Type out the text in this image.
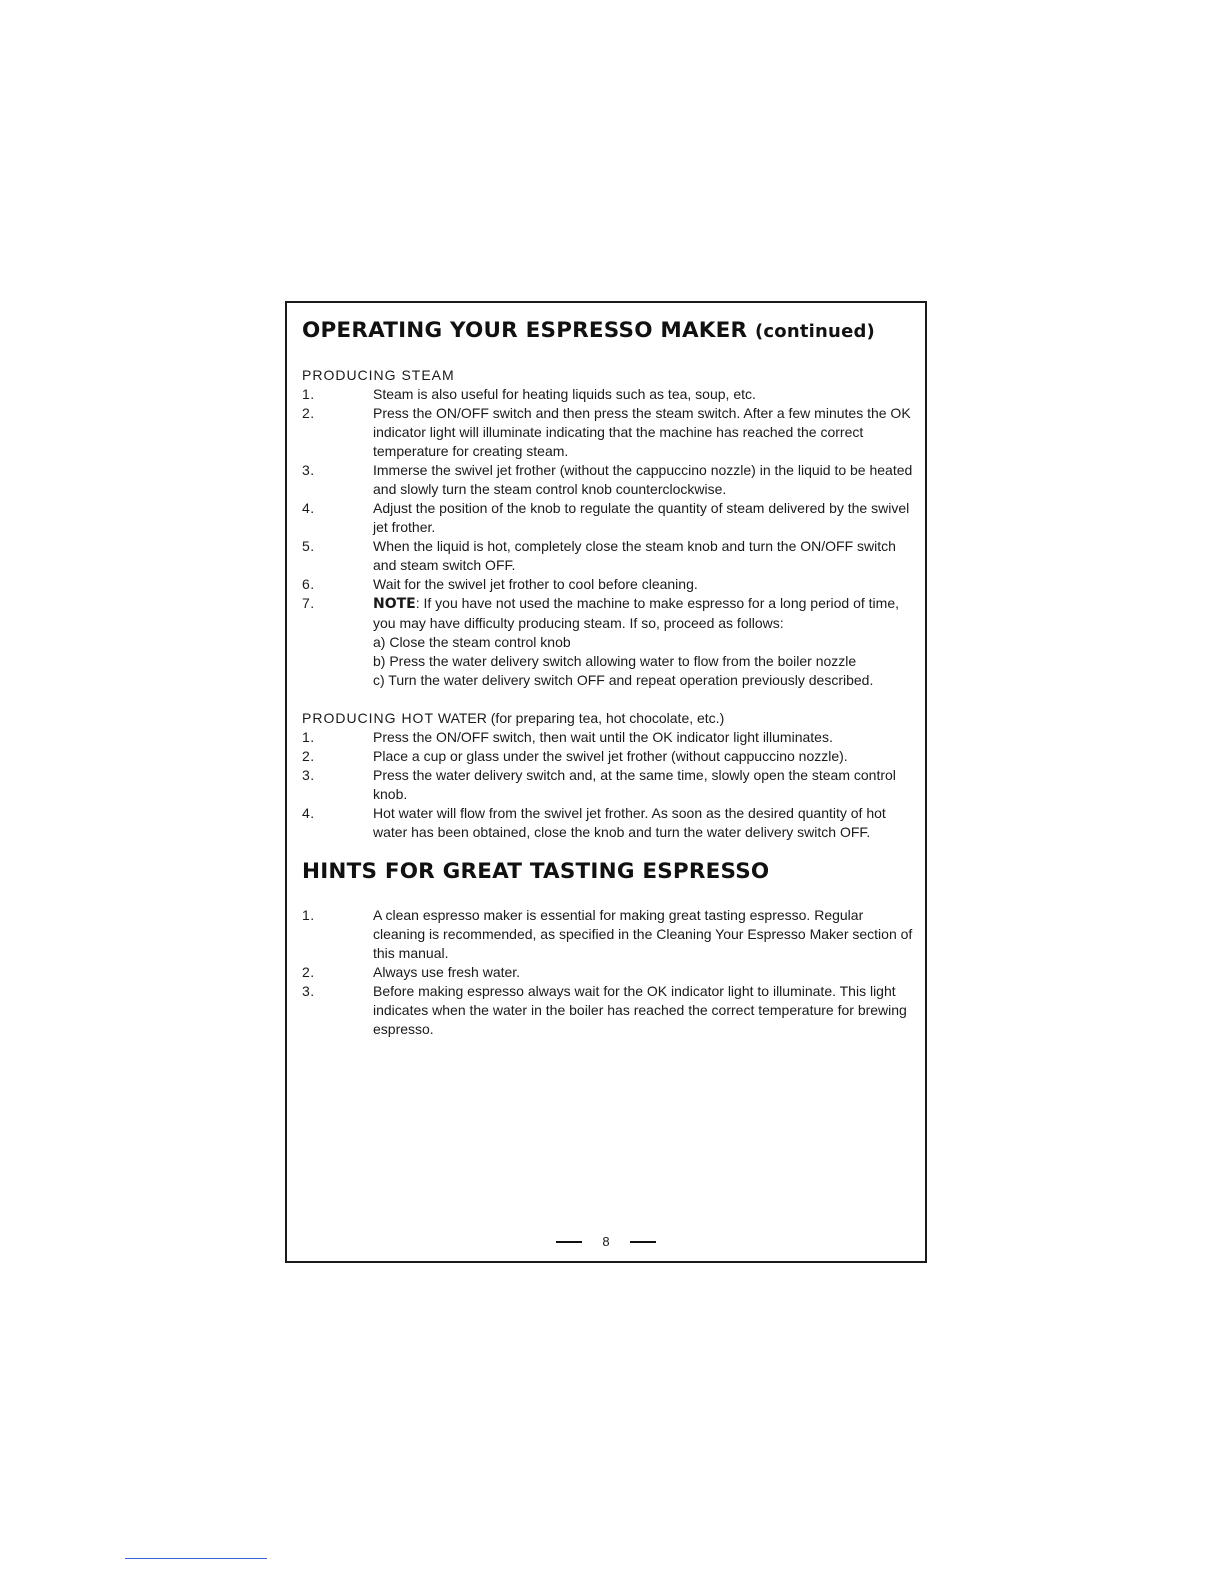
OPERATING YOUR ESPRESSO MAKER (continued)

PRODUCING STEAM

1.	Steam is also useful for heating liquids such as tea, soup, etc.
2.	Press the ON/OFF switch and then press the steam switch. After a few minutes the OK indicator light will illuminate indicating that the machine has reached the correct temperature for creating steam.
3.	Immerse the swivel jet frother (without the cappuccino nozzle) in the liquid to be heated and slowly turn the steam control knob counterclockwise.
4.	Adjust the position of the knob to regulate the quantity of steam delivered by the swivel jet frother.
5.	When the liquid is hot, completely close the steam knob and turn the ON/OFF switch and steam switch OFF.
6.	Wait for the swivel jet frother to cool before cleaning.
7.	NOTE: If you have not used the machine to make espresso for a long period of time, you may have difficulty producing steam. If so, proceed as follows:
a) Close the steam control knob
b) Press the water delivery switch allowing water to flow from the boiler nozzle
c) Turn the water delivery switch OFF and repeat operation previously described.

PRODUCING HOT WATER (for preparing tea, hot chocolate, etc.)

1.	Press the ON/OFF switch, then wait until the OK indicator light illuminates.
2.	Place a cup or glass under the swivel jet frother (without cappuccino nozzle).
3.	Press the water delivery switch and, at the same time, slowly open the steam control knob.
4.	Hot water will flow from the swivel jet frother. As soon as the desired quantity of hot water has been obtained, close the knob and turn the water delivery switch OFF.
HINTS FOR GREAT TASTING ESPRESSO
1.	A clean espresso maker is essential for making great tasting espresso. Regular cleaning is recommended, as specified in the Cleaning Your Espresso Maker section of this manual.
2.	Always use fresh water.
3.	Before making espresso always wait for the OK indicator light to illuminate. This light indicates when the water in the boiler has reached the correct temperature for brewing espresso.
8
